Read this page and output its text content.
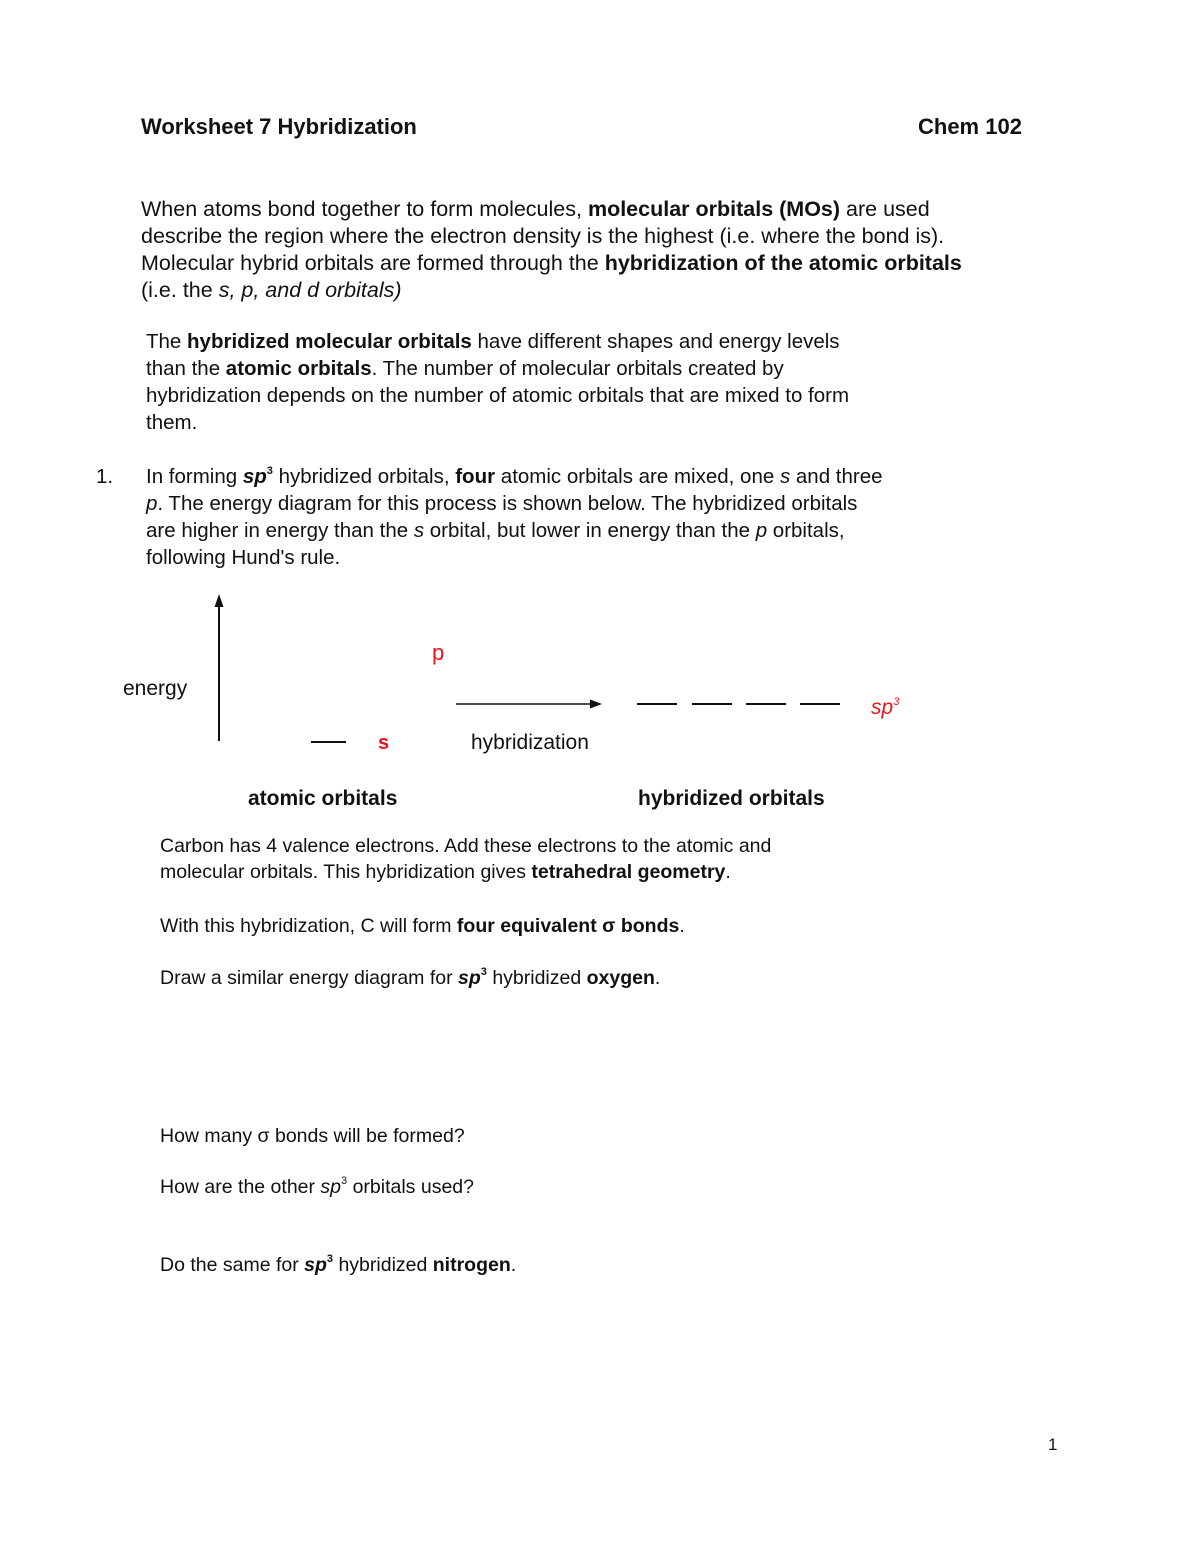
Worksheet 7 Hybridization	Chem 102
When atoms bond together to form molecules, molecular orbitals (MOs) are used
describe the region where the electron density is the highest (i.e. where the bond is).
Molecular hybrid orbitals are formed through the hybridization of the atomic orbitals
(i.e. the s, p, and d orbitals)
The hybridized molecular orbitals have different shapes and energy levels
than the atomic orbitals. The number of molecular orbitals created by
hybridization depends on the number of atomic orbitals that are mixed to form
them.
1. In forming $sp^3$ hybridized orbitals, four atomic orbitals are mixed, one s and three
p. The energy diagram for this process is shown below. The hybridized orbitals
are higher in energy than the s orbital, but lower in energy than the p orbitals,
following Hund's rule.
energy
p
s	hybridization
$sp^3$
atomic orbitals	hybridized orbitals
Carbon has 4 valence electrons. Add these electrons to the atomic and
molecular orbitals. This hybridization gives tetrahedral geometry.
With this hybridization, C will form four equivalent σ bonds.
Draw a similar energy diagram for $sp^3$ hybridized oxygen.
How many σ bonds will be formed?
How are the other $sp^3$ orbitals used?
Do the same for $sp^3$ hybridized nitrogen.
1
